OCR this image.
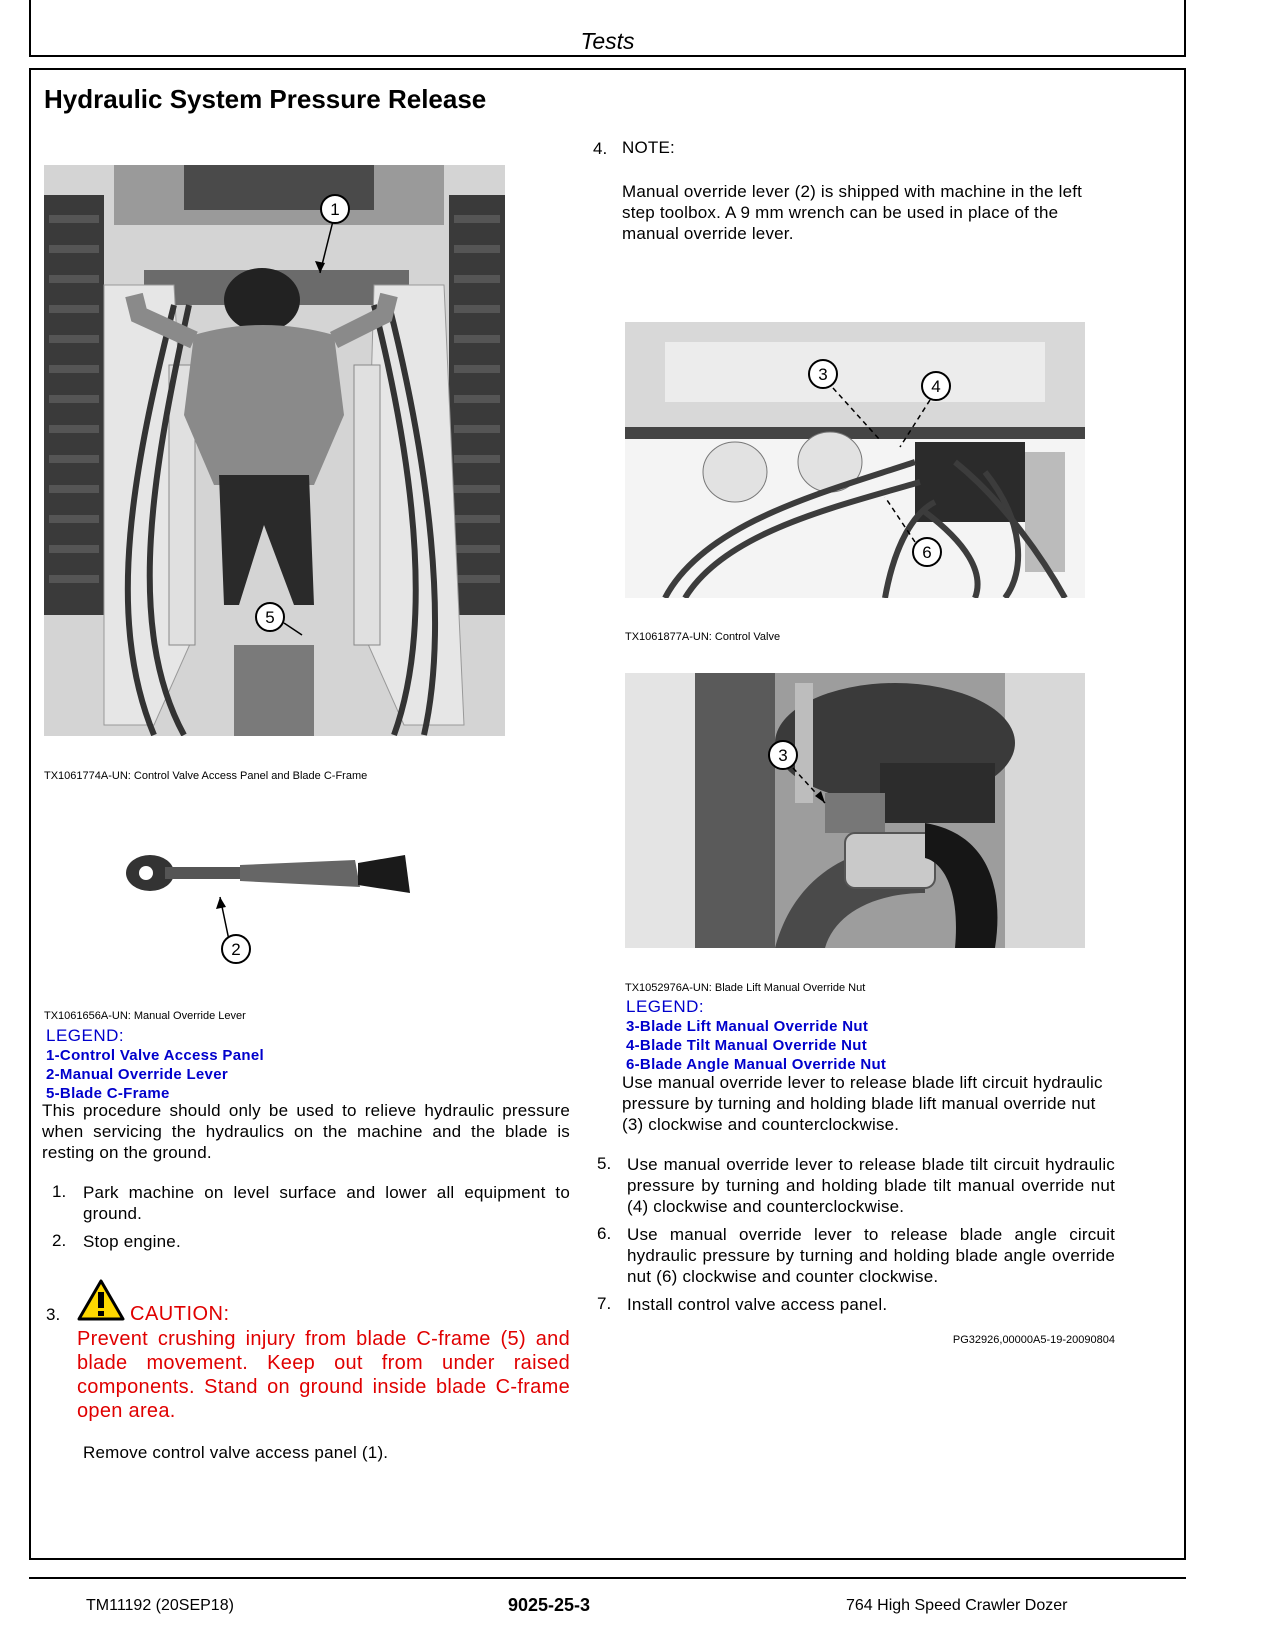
Tests
Hydraulic System Pressure Release
1
5
TX1061774A-UN: Control Valve Access Panel and Blade C-Frame
2
TX1061656A-UN: Manual Override Lever
LEGEND:
1-Control Valve Access Panel
2-Manual Override Lever
5-Blade C-Frame
This procedure should only be used to relieve hydraulic pressure when servicing the hydraulics on the machine and the blade is resting on the ground.
1. Park machine on level surface and lower all equipment to ground.
2. Stop engine.
3.	CAUTION:
Prevent crushing injury from blade C-frame (5) and blade movement. Keep out from under raised components. Stand on ground inside blade C-frame open area.
Remove control valve access panel (1).
4. NOTE:
Manual override lever (2) is shipped with machine in the left step toolbox. A 9 mm wrench can be used in place of the manual override lever.
3
4
6
TX1061877A-UN: Control Valve
3
TX1052976A-UN: Blade Lift Manual Override Nut
LEGEND:
3-Blade Lift Manual Override Nut
4-Blade Tilt Manual Override Nut
6-Blade Angle Manual Override Nut
Use manual override lever to release blade lift circuit hydraulic pressure by turning and holding blade lift manual override nut (3) clockwise and counterclockwise.
5. Use manual override lever to release blade tilt circuit hydraulic pressure by turning and holding blade tilt manual override nut (4) clockwise and counterclockwise.
6. Use manual override lever to release blade angle circuit hydraulic pressure by turning and holding blade angle override nut (6) clockwise and counter clockwise.
7. Install control valve access panel.
PG32926,00000A5-19-20090804
TM11192 (20SEP18)	9025-25-3	764 High Speed Crawler Dozer
